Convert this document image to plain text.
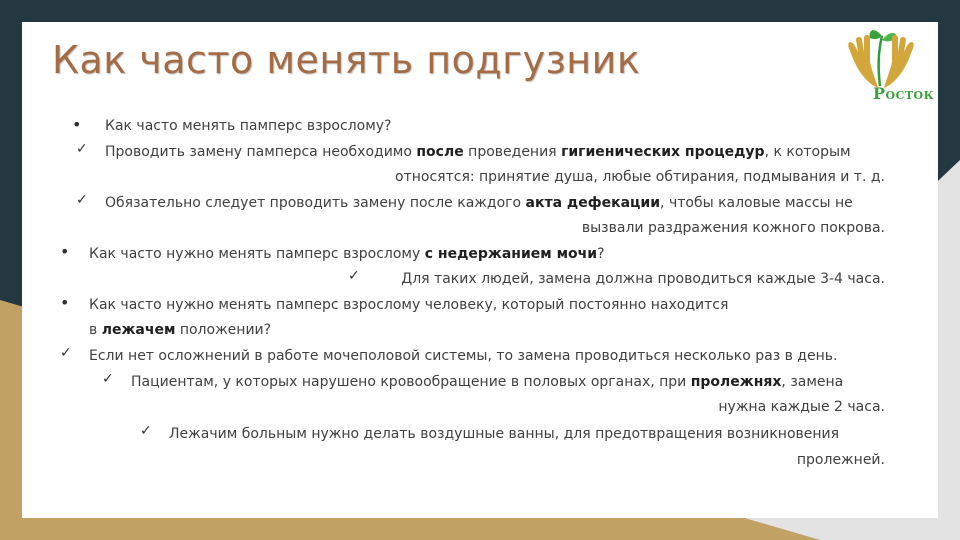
Как часто менять подгузник
РОСТОК
• Как часто менять памперс взрослому?

✓ Проводить замену памперса необходимо после проведения гигиенических процедур, к которым

относятся: принятие душа, любые обтирания, подмывания и т. д.

✓ Обязательно следует проводить замену после каждого акта дефекации, чтобы каловые массы не

вызвали раздражения кожного покрова.

• Как часто нужно менять памперс взрослому с недержанием мочи?

✓	Для таких людей, замена должна проводиться каждые 3-4 часа.

• Как часто нужно менять памперс взрослому человеку, который постоянно находится

в лежачем положении?

✓ Если нет осложнений в работе мочеполовой системы, то замена проводиться несколько раз в день.

✓ Пациентам, у которых нарушено кровообращение в половых органах, при пролежнях, замена

нужна каждые 2 часа.

✓ Лежачим больным нужно делать воздушные ванны, для предотвращения возникновения

пролежней.
